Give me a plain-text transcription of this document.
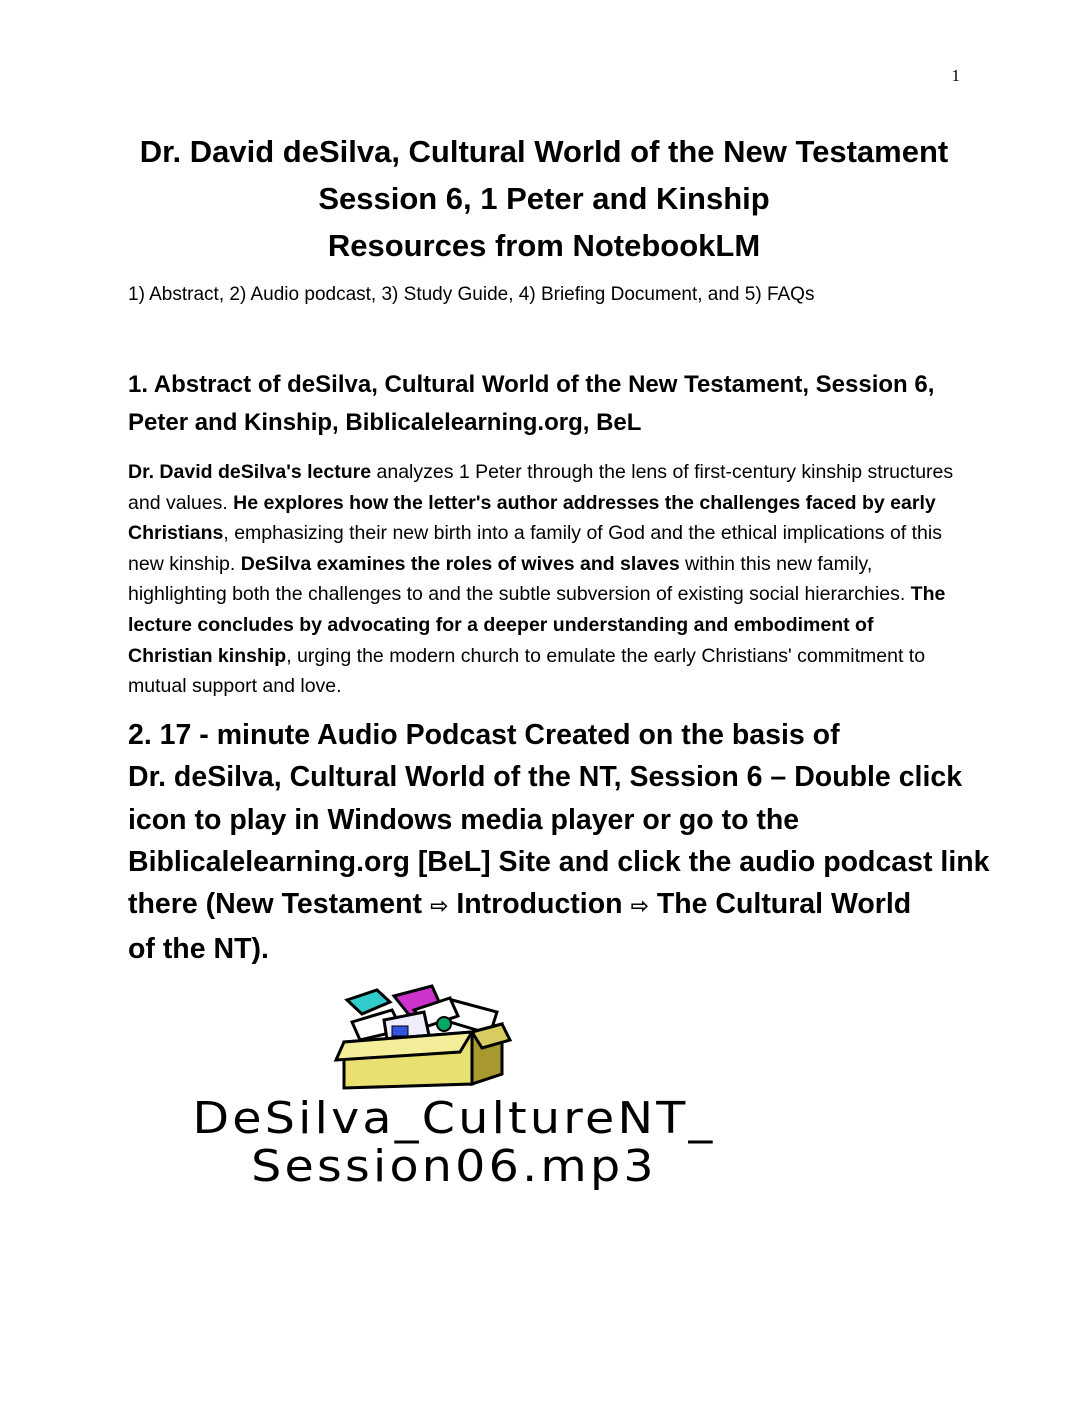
1
Dr. David deSilva, Cultural World of the New Testament
Session 6, 1 Peter and Kinship
Resources from NotebookLM
1) Abstract, 2) Audio podcast, 3) Study Guide, 4) Briefing Document, and 5) FAQs
1. Abstract of deSilva, Cultural World of the New Testament, Session 6,
Peter and Kinship, Biblicalelearning.org, BeL
Dr. David deSilva's lecture analyzes 1 Peter through the lens of first-century kinship structures and values. He explores how the letter's author addresses the challenges faced by early Christians, emphasizing their new birth into a family of God and the ethical implications of this new kinship. DeSilva examines the roles of wives and slaves within this new family, highlighting both the challenges to and the subtle subversion of existing social hierarchies. The lecture concludes by advocating for a deeper understanding and embodiment of Christian kinship, urging the modern church to emulate the early Christians' commitment to mutual support and love.
2. 17 - minute Audio Podcast Created on the basis of
Dr. deSilva, Cultural World of the NT, Session 6 – Double click
icon to play in Windows media player or go to the
Biblicalelearning.org [BeL] Site and click the audio podcast link
there (New Testament ⇨ Introduction ⇨ The Cultural World
of the NT).
DeSilva_CultureNT_
Session06.mp3
